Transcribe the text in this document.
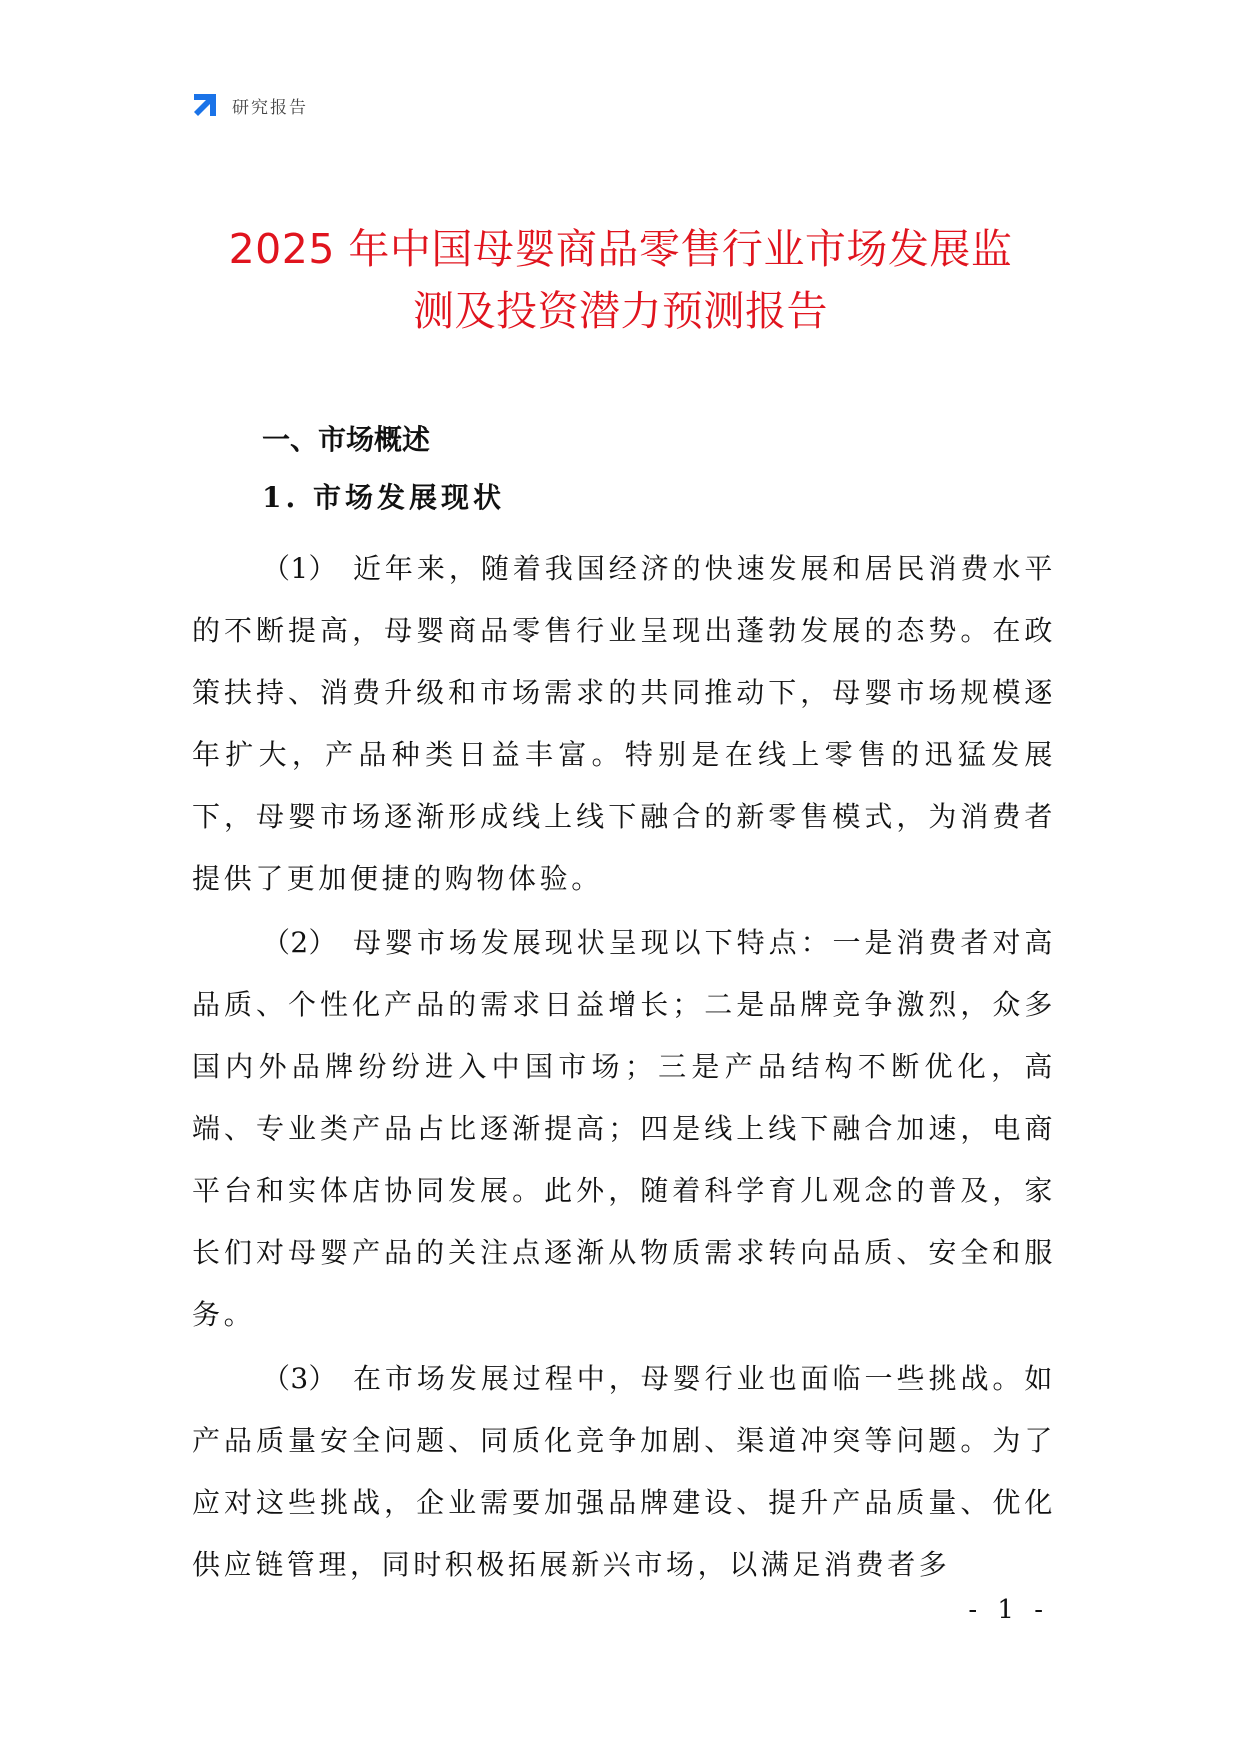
研究报告
2025 年中国母婴商品零售行业市场发展监
测及投资潜力预测报告
一、市场概述
1. 市场发展现状

（1） 近年来，随着我国经济的快速发展和居民消费水平的不断提高，母婴商品零售行业呈现出蓬勃发展的态势。在政策扶持、消费升级和市场需求的共同推动下，母婴市场规模逐年扩大，产品种类日益丰富。特别是在线上零售的迅猛发展下，母婴市场逐渐形成线上线下融合的新零售模式，为消费者提供了更加便捷的购物体验。

（2） 母婴市场发展现状呈现以下特点：一是消费者对高品质、个性化产品的需求日益增长；二是品牌竞争激烈，众多国内外品牌纷纷进入中国市场；三是产品结构不断优化，高端、专业类产品占比逐渐提高；四是线上线下融合加速，电商平台和实体店协同发展。此外，随着科学育儿观念的普及，家长们对母婴产品的关注点逐渐从物质需求转向品质、安全和服务。

（3） 在市场发展过程中，母婴行业也面临一些挑战。如产品质量安全问题、同质化竞争加剧、渠道冲突等问题。为了应对这些挑战，企业需要加强品牌建设、提升产品质量、优化供应链管理，同时积极拓展新兴市场，以满足消费者多

- 1 -
